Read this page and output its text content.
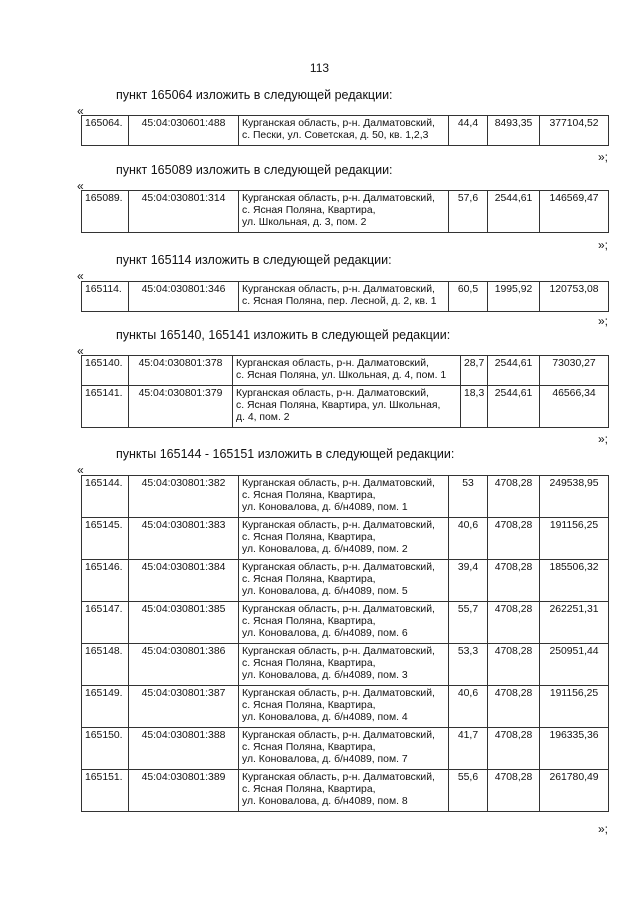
113
пункт 165064 изложить в следующей редакции:
«
165064.	45:04:030601:488	Курганская область, р-н. Далматовский,
с. Пески, ул. Советская, д. 50, кв. 1,2,3
	44,4	8493,35	377104,52
»;
пункт 165089 изложить в следующей редакции:
«
165089.	45:04:030801:314	Курганская область, р-н. Далматовский,
с. Ясная Поляна, Квартира,
ул. Школьная, д. 3, пом. 2
	57,6	2544,61	146569,47
»;
пункт 165114 изложить в следующей редакции:
«
165114.	45:04:030801:346	Курганская область, р-н. Далматовский,
с. Ясная Поляна, пер. Лесной, д. 2, кв. 1
	60,5	1995,92	120753,08
»;
пункты 165140, 165141 изложить в следующей редакции:
«
165140.	45:04:030801:378	Курганская область, р-н. Далматовский,
с. Ясная Поляна, ул. Школьная, д. 4, пом. 1	28,7	2544,61	73030,27
165141.	45:04:030801:379	Курганская область, р-н. Далматовский,
с. Ясная Поляна, Квартира, ул. Школьная,
д. 4, пом. 2	18,3	2544,61	46566,34
»;
пункты 165144 - 165151 изложить в следующей редакции:
«
165144.	45:04:030801:382	Курганская область, р-н. Далматовский,
с. Ясная Поляна, Квартира,
ул. Коновалова, д. б/н4089, пом. 1	53	4708,28	249538,95
165145.	45:04:030801:383	Курганская область, р-н. Далматовский,
с. Ясная Поляна, Квартира,
ул. Коновалова, д. б/н4089, пом. 2	40,6	4708,28	191156,25
165146.	45:04:030801:384	Курганская область, р-н. Далматовский,
с. Ясная Поляна, Квартира,
ул. Коновалова, д. б/н4089, пом. 5	39,4	4708,28	185506,32
165147.	45:04:030801:385	Курганская область, р-н. Далматовский,
с. Ясная Поляна, Квартира,
ул. Коновалова, д. б/н4089, пом. 6	55,7	4708,28	262251,31
165148.	45:04:030801:386	Курганская область, р-н. Далматовский,
с. Ясная Поляна, Квартира,
ул. Коновалова, д. б/н4089, пом. 3	53,3	4708,28	250951,44
165149.	45:04:030801:387	Курганская область, р-н. Далматовский,
с. Ясная Поляна, Квартира,
ул. Коновалова, д. б/н4089, пом. 4	40,6	4708,28	191156,25
165150.	45:04:030801:388	Курганская область, р-н. Далматовский,
с. Ясная Поляна, Квартира,
ул. Коновалова, д. б/н4089, пом. 7	41,7	4708,28	196335,36
165151.	45:04:030801:389	Курганская область, р-н. Далматовский,
с. Ясная Поляна, Квартира,
ул. Коновалова, д. б/н4089, пом. 8	55,6	4708,28	261780,49
»;
